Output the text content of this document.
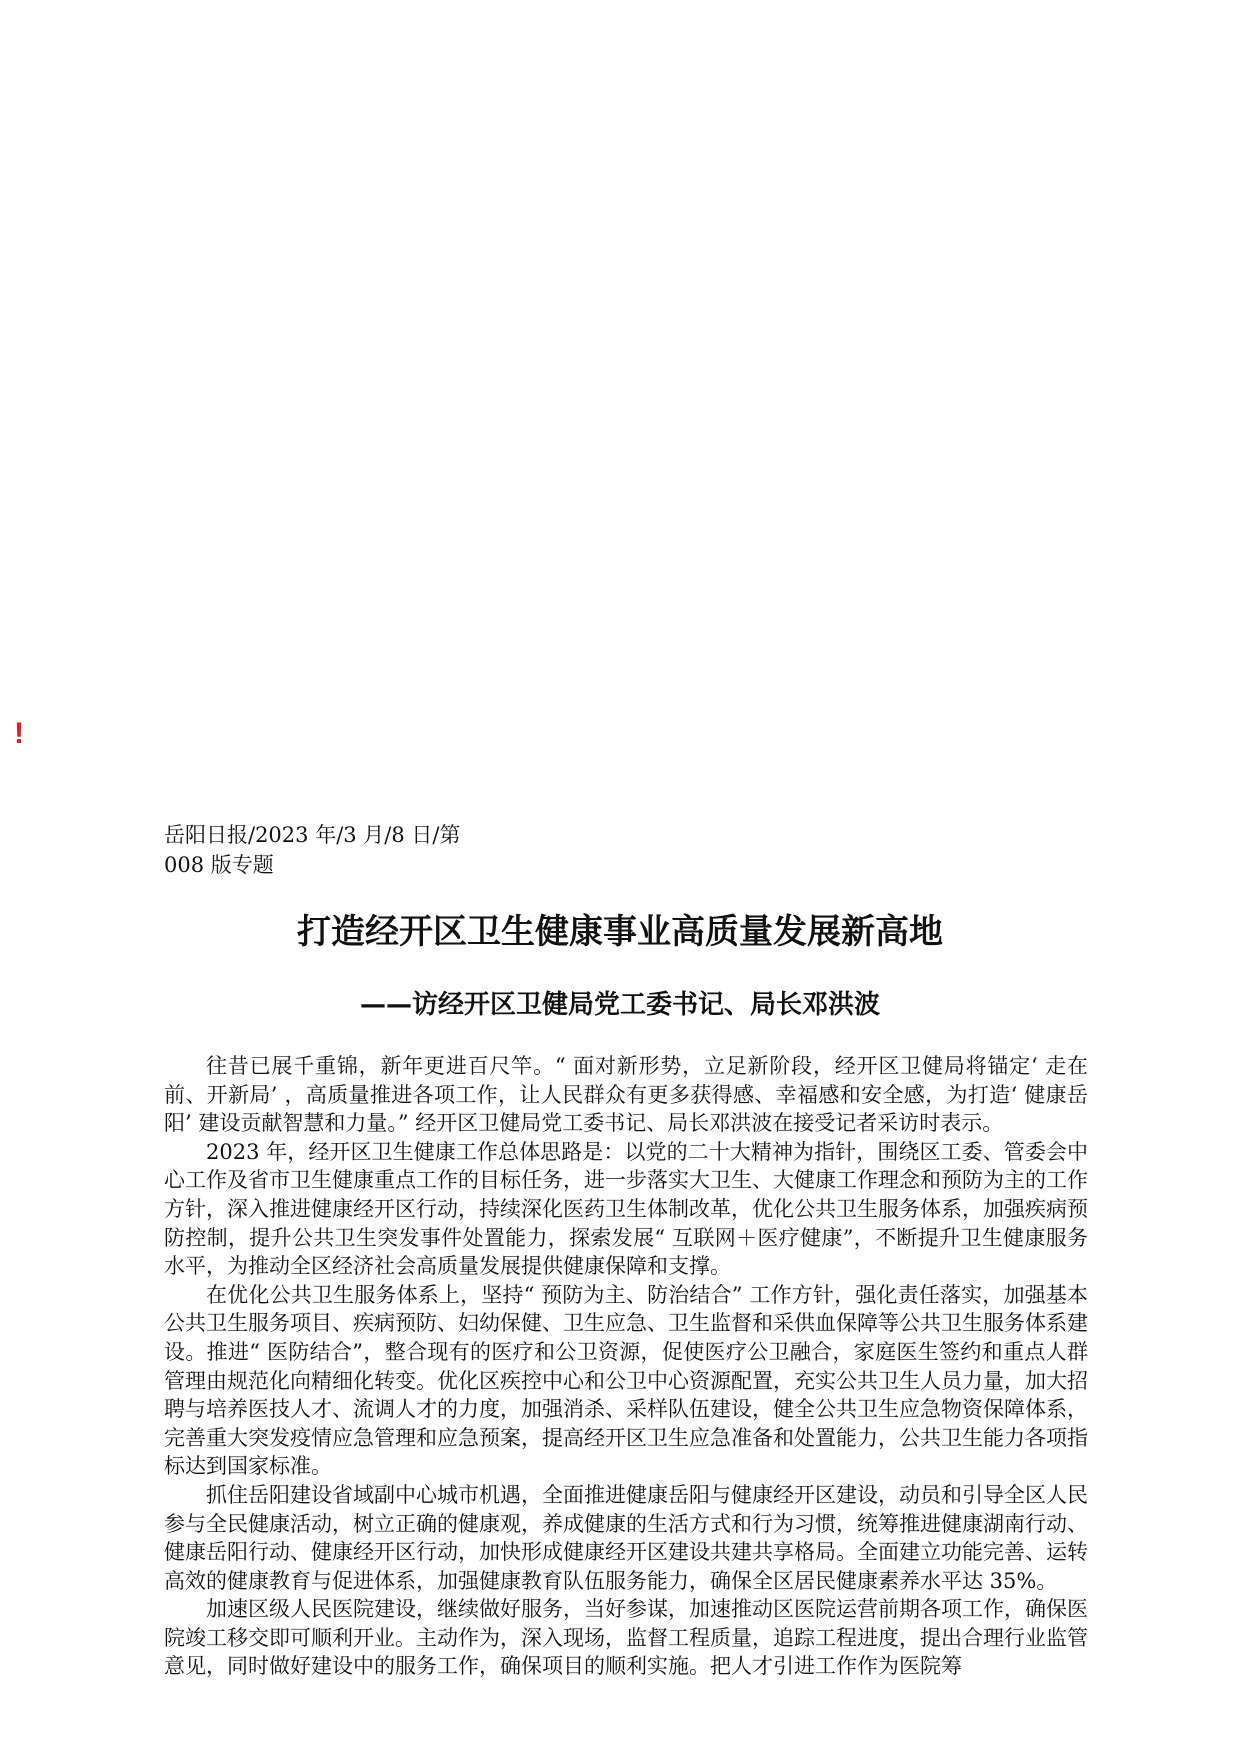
!

岳阳日报/2023 年/3 月/8 日/第 008 版专题

打造经开区卫生健康事业高质量发展新高地
——访经开区卫健局党工委书记、局长邓洪波

往昔已展千重锦，新年更进百尺竿。“ 面对新形势，立足新阶段，经开区卫健局将锚定‘ 走在前、开新局’ ，高质量推进各项工作，让人民群众有更多获得感、幸福感和安全感，为打造‘ 健康岳阳’ 建设贡献智慧和力量。” 经开区卫健局党工委书记、局长邓洪波在接受记者采访时表示。

2023 年，经开区卫生健康工作总体思路是：以党的二十大精神为指针，围绕区工委、管委会中心工作及省市卫生健康重点工作的目标任务，进一步落实大卫生、大健康工作理念和预防为主的工作方针，深入推进健康经开区行动，持续深化医药卫生体制改革，优化公共卫生服务体系，加强疾病预防控制，提升公共卫生突发事件处置能力，探索发展“ 互联网＋医疗健康”，不断提升卫生健康服务水平，为推动全区经济社会高质量发展提供健康保障和支撑。

在优化公共卫生服务体系上，坚持“ 预防为主、防治结合” 工作方针，强化责任落实，加强基本公共卫生服务项目、疾病预防、妇幼保健、卫生应急、卫生监督和采供血保障等公共卫生服务体系建设。推进“ 医防结合”，整合现有的医疗和公卫资源，促使医疗公卫融合，家庭医生签约和重点人群管理由规范化向精细化转变。优化区疾控中心和公卫中心资源配置，充实公共卫生人员力量，加大招聘与培养医技人才、流调人才的力度，加强消杀、采样队伍建设，健全公共卫生应急物资保障体系，完善重大突发疫情应急管理和应急预案，提高经开区卫生应急准备和处置能力，公共卫生能力各项指标达到国家标准。

抓住岳阳建设省域副中心城市机遇，全面推进健康岳阳与健康经开区建设，动员和引导全区人民参与全民健康活动，树立正确的健康观，养成健康的生活方式和行为习惯，统筹推进健康湖南行动、健康岳阳行动、健康经开区行动，加快形成健康经开区建设共建共享格局。全面建立功能完善、运转高效的健康教育与促进体系，加强健康教育队伍服务能力，确保全区居民健康素养水平达 35%。

加速区级人民医院建设，继续做好服务，当好参谋，加速推动区医院运营前期各项工作，确保医院竣工移交即可顺利开业。主动作为，深入现场，监督工程质量，追踪工程进度，提出合理行业监管意见，同时做好建设中的服务工作，确保项目的顺利实施。把人才引进工作作为医院筹
